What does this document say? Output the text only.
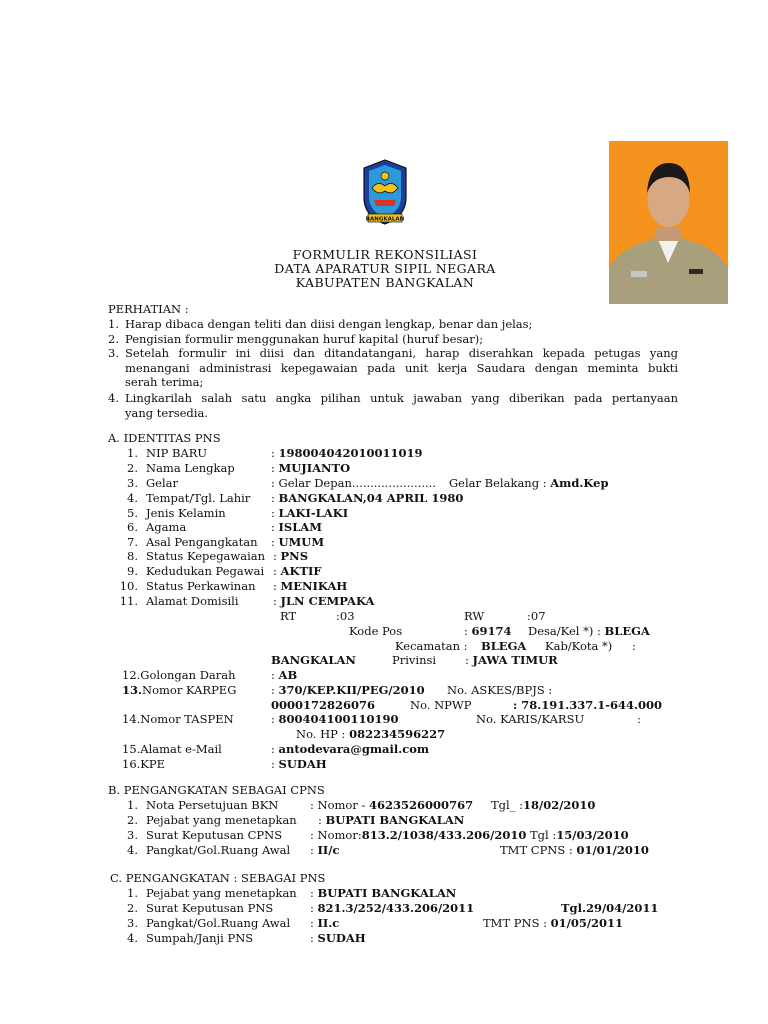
BANGKALAN
FORMULIR REKONSILIASI
DATA APARATUR SIPIL NEGARA
KABUPATEN BANGKALAN
PERHATIAN :
1. Harap dibaca dengan teliti dan diisi dengan lengkap, benar dan jelas;
2. Pengisian formulir menggunakan huruf kapital (huruf besar);
3. Setelah formulir ini diisi dan ditandatangani, harap diserahkan kepada petugas yang
menangani administrasi kepegawaian pada unit kerja Saudara dengan meminta bukti
serah terima;
4. Lingkarilah salah satu angka pilihan untuk jawaban yang diberikan pada pertanyaan
yang tersedia.
A. IDENTITAS PNS
1. NIP BARU	: 198004042010011019
2. Nama Lengkap	: MUJIANTO
3. Gelar	: Gelar Depan....................... Gelar Belakang : Amd.Kep
4. Tempat/Tgl. Lahir : BANGKALAN,04 APRIL 1980
5. Jenis Kelamin	: LAKI-LAKI
6. Agama	: ISLAM
7. Asal Pengangkatan : UMUM
8. Status Kepegawaian : PNS
9. Kedudukan Pegawai : AKTIF
10. Status Perkawinan : MENIKAH
11. Alamat Domisili	: JLN CEMPAKA
RT	:03	RW	:07
Kode Pos	: 69174 Desa/Kel *) : BLEGA
Kecamatan : BLEGA Kab/Kota *) :
BANGKALAN	Privinsi	: JAWA TIMUR
12.Golongan Darah	: AB
13.Nomor KARPEG	: 370/KEP.KII/PEG/2010 No. ASKES/BPJS :
0000172826076	No. NPWP	: 78.191.337.1-644.000
14.Nomor TASPEN	: 800404100110190	No. KARIS/KARSU	:
No. HP : 082234596227
15.Alamat e-Mail	: antodevara@gmail.com
16.KPE	: SUDAH
B. PENGANGKATAN SEBAGAI CPNS
1. Nota Persetujuan BKN	: Nomor - 4623526000767 Tgl_ :18/02/2010
2. Pejabat yang menetapkan : BUPATI BANGKALAN
3. Surat Keputusan CPNS : Nomor:813.2/1038/433.206/2010 Tgl :15/03/2010
4. Pangkat/Gol.Ruang Awal : II/c	TMT CPNS : 01/01/2010
C. PENGANGKATAN : SEBAGAI PNS
1. Pejabat yang menetapkan : BUPATI BANGKALAN
2. Surat Keputusan PNS	: 821.3/252/433.206/2011	Tgl.29/04/2011
3. Pangkat/Gol.Ruang Awal : II.c	TMT PNS : 01/05/2011
4. Sumpah/Janji PNS	: SUDAH
